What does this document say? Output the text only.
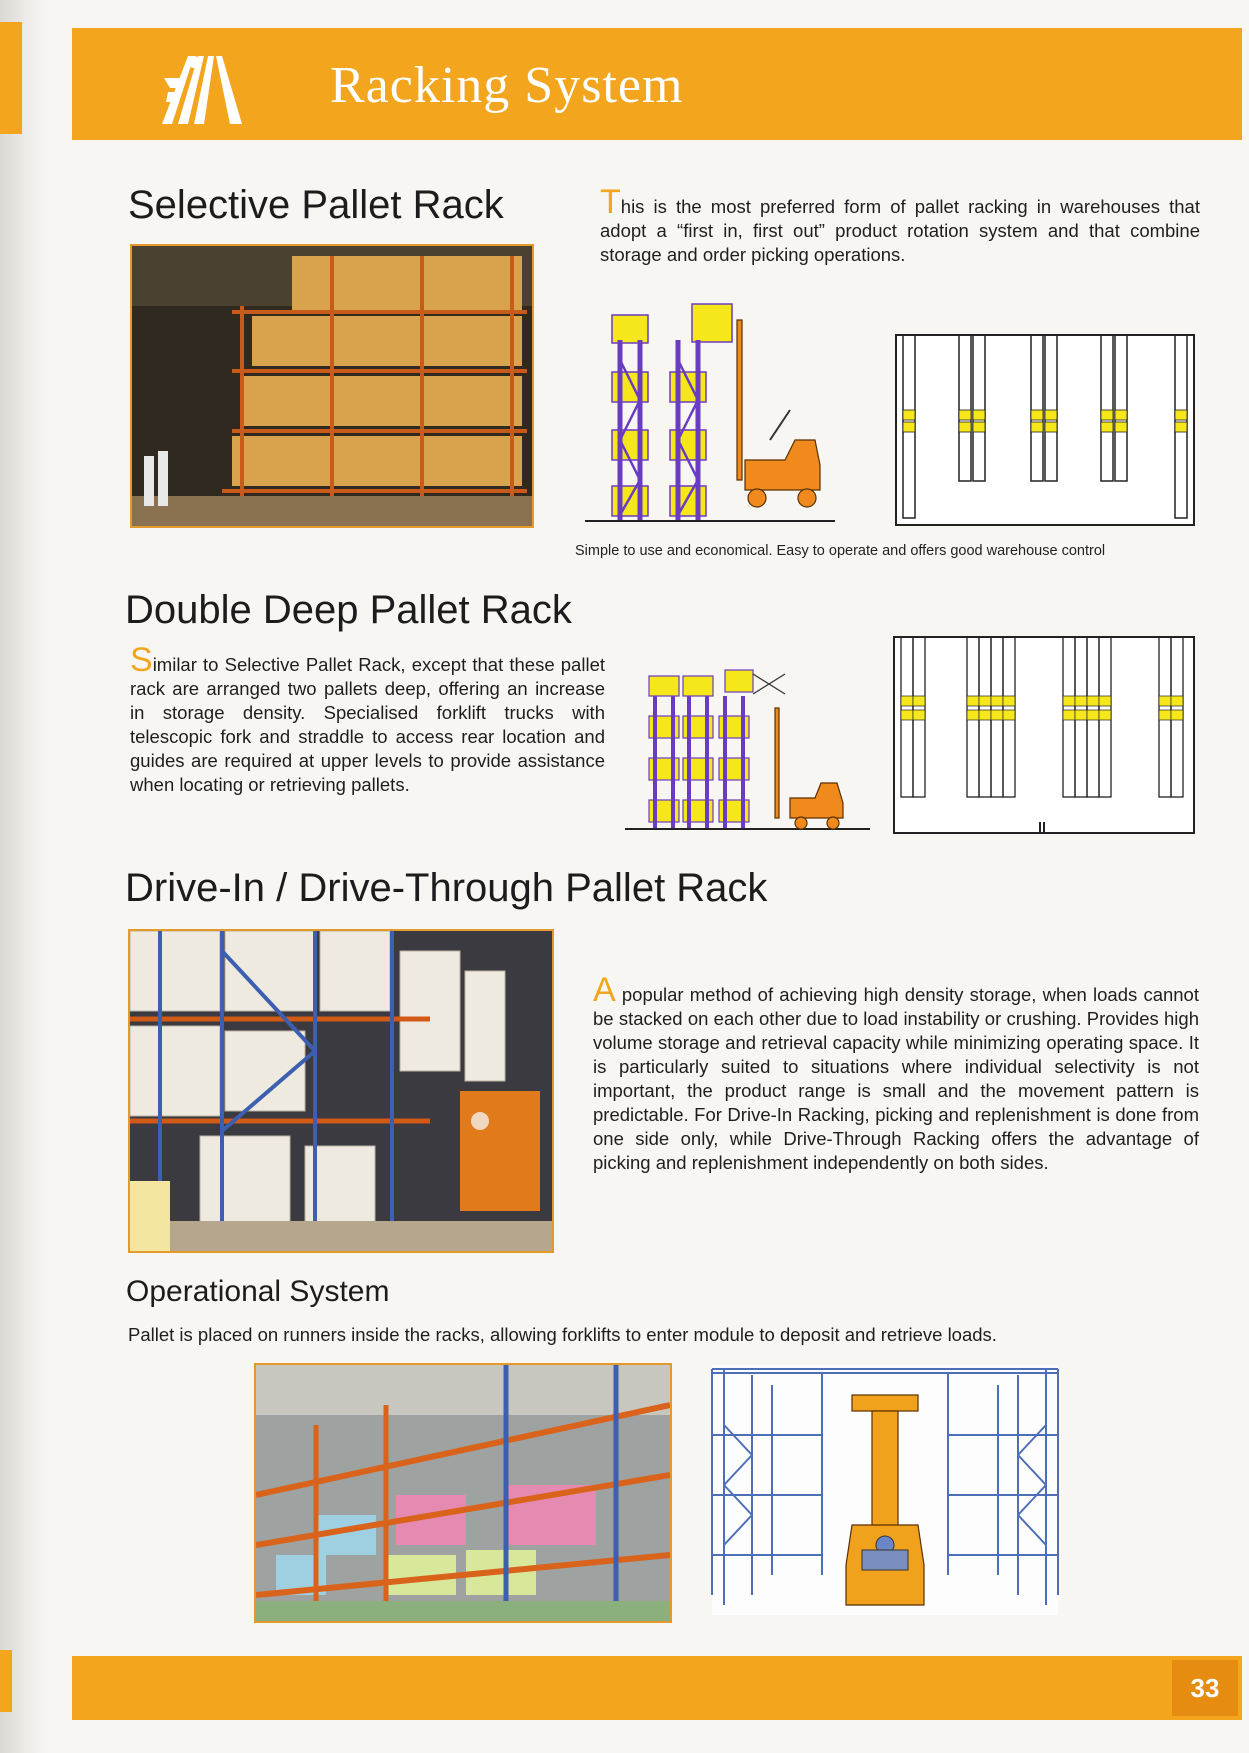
Racking System
Selective Pallet Rack	This is the most preferred form of pallet racking in warehouses that adopt a “first in, first out” product rotation system and that combine storage and order picking operations.
Simple to use and economical. Easy to operate and offers good warehouse control
Double Deep Pallet Rack
Similar to Selective Pallet Rack, except that these pallet rack are arranged two pallets deep, offering an increase in storage density. Specialised forklift trucks with telescopic fork and straddle to access rear location and guides are required at upper levels to provide assistance when locating or retrieving pallets.
Drive-In / Drive-Through Pallet Rack
A popular method of achieving high density storage, when loads cannot be stacked on each other due to load instability or crushing. Provides high volume storage and retrieval capacity while minimizing operating space. It is particularly suited to situations where individual selectivity is not important, the product range is small and the movement pattern is predictable. For Drive-In Racking, picking and replenishment is done from one side only, while Drive-Through Racking offers the advantage of picking and replenishment independently on both sides.
Operational System
Pallet is placed on runners inside the racks, allowing forklifts to enter module to deposit and retrieve loads.
33
